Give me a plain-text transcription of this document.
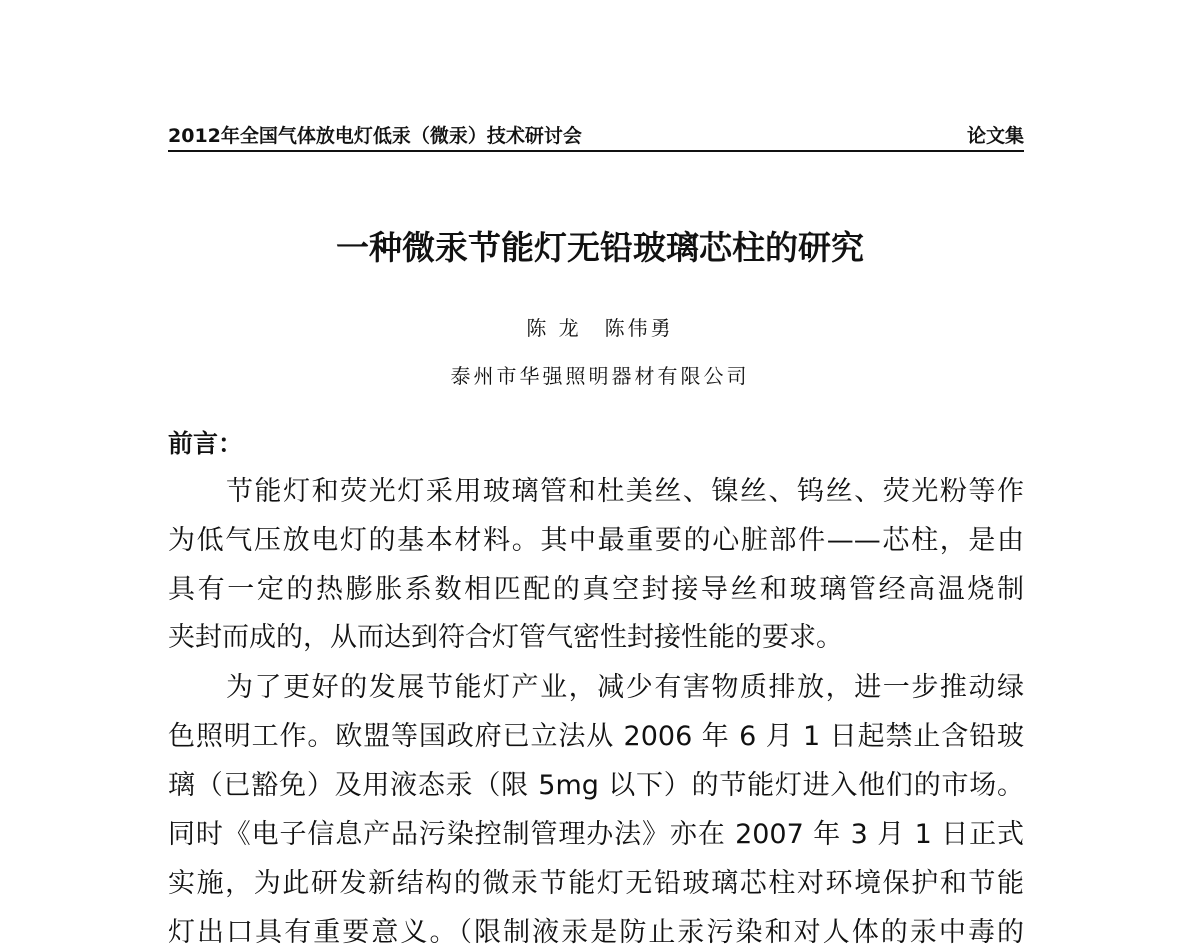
2012年全国气体放电灯低汞（微汞）技术研讨会	论文集
一种微汞节能灯无铅玻璃芯柱的研究
陈 龙　陈伟勇
泰州市华强照明器材有限公司
前言：
节能灯和荧光灯采用玻璃管和杜美丝、镍丝、钨丝、荧光粉等作
为低气压放电灯的基本材料。其中最重要的心脏部件——芯柱，是由
具有一定的热膨胀系数相匹配的真空封接导丝和玻璃管经高温烧制
夹封而成的，从而达到符合灯管气密性封接性能的要求。
为了更好的发展节能灯产业，减少有害物质排放，进一步推动绿
色照明工作。欧盟等国政府已立法从 2006 年 6 月 1 日起禁止含铅玻
璃（已豁免）及用液态汞（限 5mg 以下）的节能灯进入他们的市场。
同时《电子信息产品污染控制管理办法》亦在 2007 年 3 月 1 日正式
实施，为此研发新结构的微汞节能灯无铅玻璃芯柱对环境保护和节能
灯出口具有重要意义。（限制液汞是防止汞污染和对人体的汞中毒的
